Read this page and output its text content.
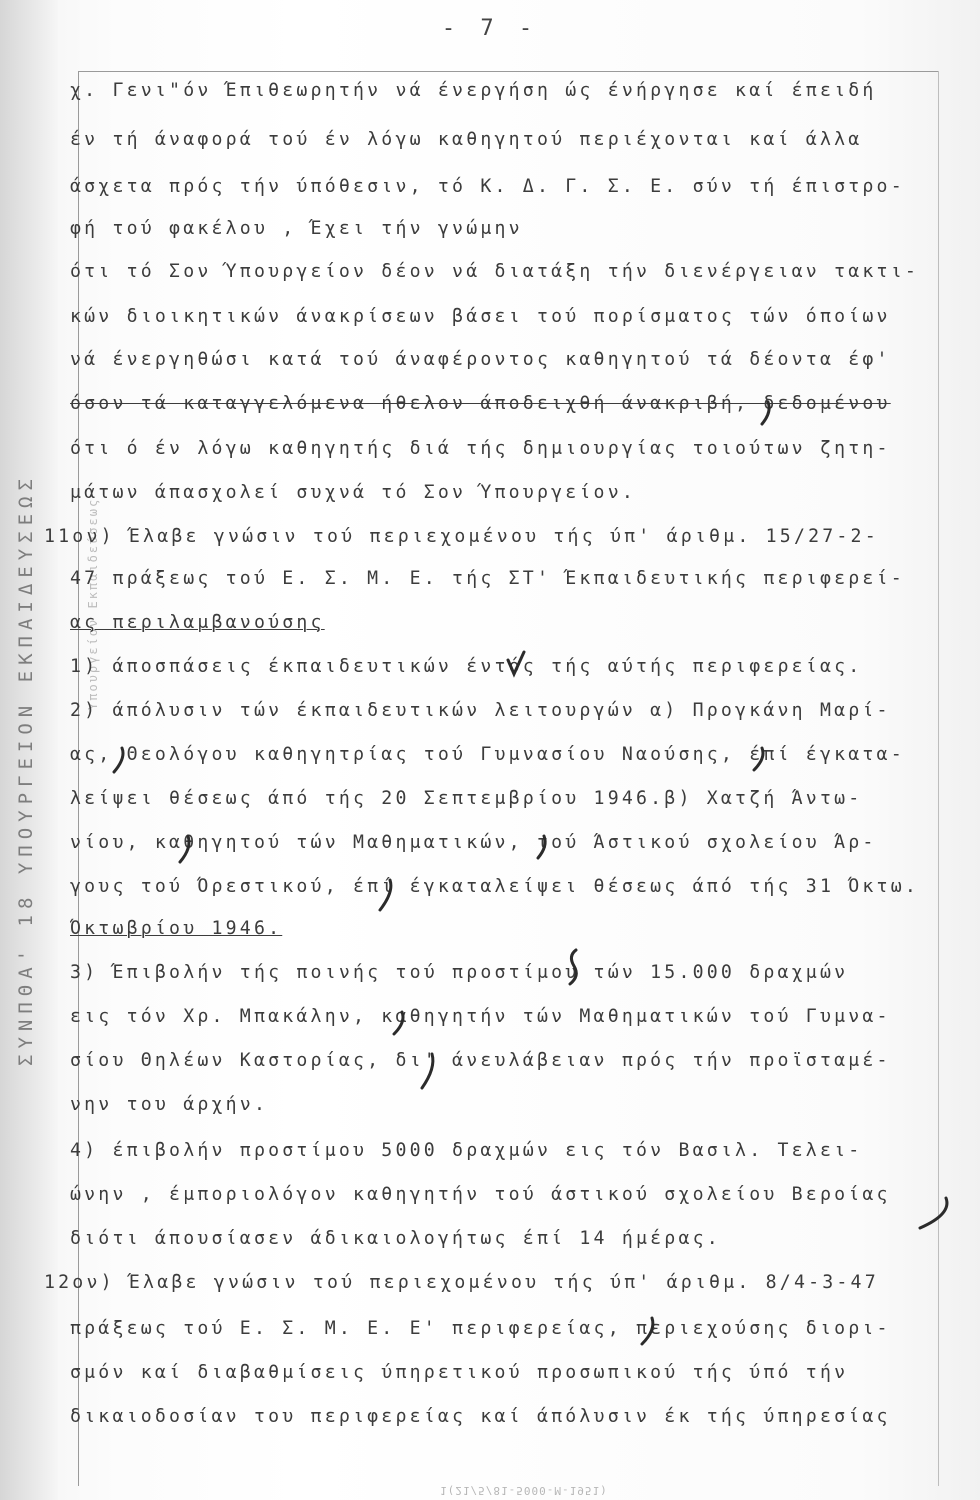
ΣΥΝΠΘΑ' 18 ΥΠΟΥΡΓΕΙΟΝ ΕΚΠΑΙΔΕΥΣΕΩΣ	Υπουργείον Εκπαιδεύσεως
- 7 -
χ. Γενι"όν Έπιθεωρητήν νά ένεργήση ώς ένήργησε καί έπειδή
έν τή άναφορά τού έν λόγω καθηγητού περιέχονται καί άλλα
άσχετα πρός τήν ύπόθεσιν, τό Κ. Δ. Γ. Σ. Ε. σύν τή έπιστρο-
φή τού φακέλου , Έχει τήν γνώμην
ότι τό Σον Ύπουργείον δέον νά διατάξη τήν διενέργειαν τακτι-
κών διοικητικών άνακρίσεων βάσει τού πορίσματος τών όποίων
νά ένεργηθώσι κατά τού άναφέροντος καθηγητού τά δέοντα έφ'
όσον τά καταγγελόμενα ήθελον άποδειχθή άνακριβή, δεδομένου
ότι ό έν λόγω καθηγητής διά τής δημιουργίας τοιούτων ζητη-
μάτων άπασχολεί συχνά τό Σον Ύπουργείον.
11ον) Έλαβε γνώσιν τού περιεχομένου τής ύπ' άριθμ. 15/27-2-
47 πράξεως τού Ε. Σ. Μ. Ε. τής ΣΤ' Έκπαιδευτικής περιφερεί-
ας περιλαμβανούσης
1) άποσπάσεις έκπαιδευτικών έντός τής αύτής περιφερείας.
2) άπόλυσιν τών έκπαιδευτικών λειτουργών α) Προγκάνη Μαρί-
ας, Θεολόγου καθηγητρίας τού Γυμνασίου Ναούσης, έπί έγκατα-
λείψει θέσεως άπό τής 20 Σεπτεμβρίου 1946.β) Χατζή Άντω-
νίου, καθηγητού τών Μαθηματικών, τού Άστικού σχολείου Άρ-
γους τού Όρεστικού, έπί έγκαταλείψει θέσεως άπό τής 31 Όκτω.
Όκτωβρίου 1946.
3) Έπιβολήν τής ποινής τού προστίμου τών 15.000 δραχμών
εις τόν Χρ. Μπακάλην, καθηγητήν τών Μαθηματικών τού Γυμνα-
σίου Θηλέων Καστορίας, δι' άνευλάβειαν πρός τήν προϊσταμέ-
νην του άρχήν.
4) έπιβολήν προστίμου 5000 δραχμών εις τόν Βασιλ. Τελει-
ώνην , έμποριολόγον καθηγητήν τού άστικού σχολείου Βεροίας
διότι άπουσίασεν άδικαιολογήτως έπί 14 ήμέρας.
12ον) Έλαβε γνώσιν τού περιεχομένου τής ύπ' άριθμ. 8/4-3-47
πράξεως τού Ε. Σ. Μ. Ε. Ε' περιφερείας, περιεχούσης διορι-
σμόν καί διαβαθμίσεις ύπηρετικού προσωπικού τής ύπό τήν
δικαιοδοσίαν του περιφερείας καί άπόλυσιν έκ τής ύπηρεσίας
1(21/5/81-5000-Μ-1951)
